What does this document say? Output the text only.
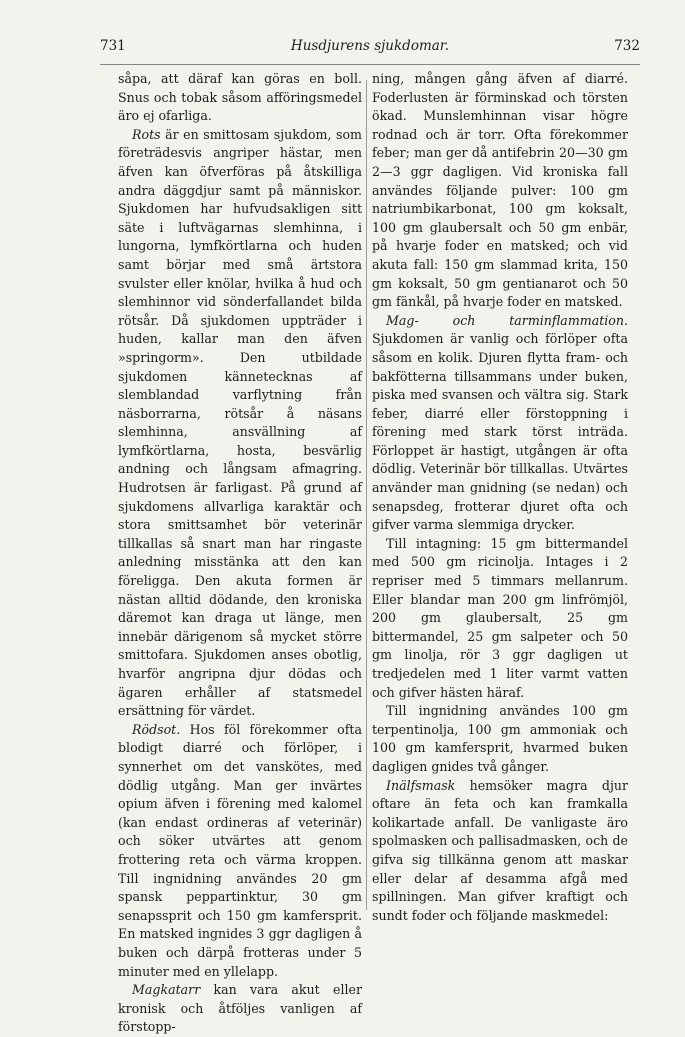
731	Husdjurens sjukdomar.	732

såpa, att däraf kan göras en boll. Snus och tobak såsom afföringsmedel äro ej ofarliga.

Rots är en smittosam sjukdom, som företrädesvis angriper hästar, men äfven kan öfverföras på åtskilliga andra däggdjur samt på människor. Sjukdomen har hufvudsakligen sitt säte i luftvägarnas slemhinna, i lungorna, lymfkörtlarna och huden samt börjar med små ärtstora svulster eller knölar, hvilka å hud och slemhinnor vid sönderfallandet bilda rötsår. Då sjukdomen uppträder i huden, kallar man den äfven »springorm». Den utbildade sjukdomen kännetecknas af slemblandad varflytning från näsborrarna, rötsår å näsans slemhinna, ansvällning af lymfkörtlarna, hosta, besvärlig andning och långsam afmagring. Hudrotsen är farligast. På grund af sjukdomens allvarliga karaktär och stora smittsamhet bör veterinär tillkallas så snart man har ringaste anledning misstänka att den kan föreligga. Den akuta formen är nästan alltid dödande, den kroniska däremot kan draga ut länge, men innebär därigenom så mycket större smittofara. Sjukdomen anses obotlig, hvarför angripna djur dödas och ägaren erhåller af statsmedel ersättning för värdet.

Rödsot. Hos föl förekommer ofta blodigt diarré och förlöper, i synnerhet om det vanskötes, med dödlig utgång. Man ger invärtes opium äfven i förening med kalomel (kan endast ordineras af veterinär) och söker utvärtes att genom frottering reta och värma kroppen. Till ingnidning användes 20 gm spansk peppartinktur, 30 gm senapssprit och 150 gm kamfersprit. En matsked ingnides 3 ggr dagligen å buken och därpå frotteras under 5 minuter med en yllelapp.

Magkatarr kan vara akut eller kronisk och åtföljes vanligen af förstopp-

ning, mången gång äfven af diarré. Foderlusten är förminskad och törsten ökad. Munslemhinnan visar högre rodnad och är torr. Ofta förekommer feber; man ger då antifebrin 20—30 gm 2—3 ggr dagligen. Vid kroniska fall användes följande pulver: 100 gm natriumbikarbonat, 100 gm koksalt, 100 gm glaubersalt och 50 gm enbär, på hvarje foder en matsked; och vid akuta fall: 150 gm slammad krita, 150 gm koksalt, 50 gm gentianarot och 50 gm fänkål, på hvarje foder en matsked.

Mag- och tarminflammation. Sjukdomen är vanlig och förlöper ofta såsom en kolik. Djuren flytta fram- och bakfötterna tillsammans under buken, piska med svansen och vältra sig. Stark feber, diarré eller förstoppning i förening med stark törst inträda. Förloppet är hastigt, utgången är ofta dödlig. Veterinär bör tillkallas. Utvärtes använder man gnidning (se nedan) och senapsdeg, frotterar djuret ofta och gifver varma slemmiga drycker.

Till intagning: 15 gm bittermandel med 500 gm ricinolja. Intages i 2 repriser med 5 timmars mellanrum. Eller blandar man 200 gm linfrömjöl, 200 gm glaubersalt, 25 gm bittermandel, 25 gm salpeter och 50 gm linolja, rör 3 ggr dagligen ut tredjedelen med 1 liter varmt vatten och gifver hästen häraf.

Till ingnidning användes 100 gm terpentinolja, 100 gm ammoniak och 100 gm kamfersprit, hvarmed buken dagligen gnides två gånger.

Inälfsmask hemsöker magra djur oftare än feta och kan framkalla kolikartade anfall. De vanligaste äro spolmasken och pallisadmasken, och de gifva sig tillkänna genom att maskar eller delar af desamma afgå med spillningen. Man gifver kraftigt och sundt foder och följande maskmedel:
